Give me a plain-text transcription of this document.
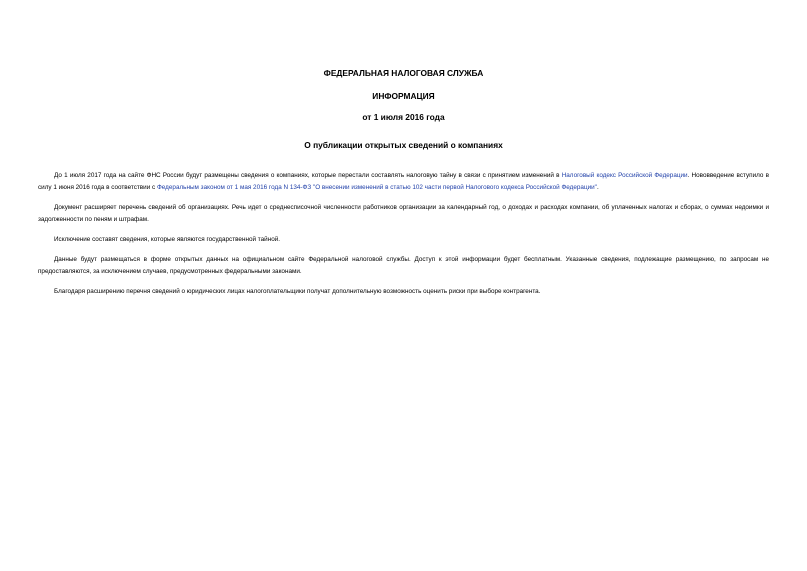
ФЕДЕРАЛЬНАЯ НАЛОГОВАЯ СЛУЖБА
ИНФОРМАЦИЯ
от 1 июля 2016 года
О публикации открытых сведений о компаниях

До 1 июля 2017 года на сайте ФНС России будут размещены сведения о компаниях, которые перестали составлять налоговую тайну в связи с принятием изменений в Налоговый кодекс Российской Федерации. Нововведение вступило в силу 1 июня 2016 года в соответствии с Федеральным законом от 1 мая 2016 года N 134-ФЗ "О внесении изменений в статью 102 части первой Налогового кодекса Российской Федерации".

Документ расширяет перечень сведений об организациях. Речь идет о среднесписочной численности работников организации за календарный год, о доходах и расходах компании, об уплаченных налогах и сборах, о суммах недоимки и задолженности по пеням и штрафам.

Исключение составят сведения, которые являются государственной тайной.

Данные будут размещаться в форме открытых данных на официальном сайте Федеральной налоговой службы. Доступ к этой информации будет бесплатным. Указанные сведения, подлежащие размещению, по запросам не предоставляются, за исключением случаев, предусмотренных федеральными законами.

Благодаря расширению перечня сведений о юридических лицах налогоплательщики получат дополнительную возможность оценить риски при выборе контрагента.
